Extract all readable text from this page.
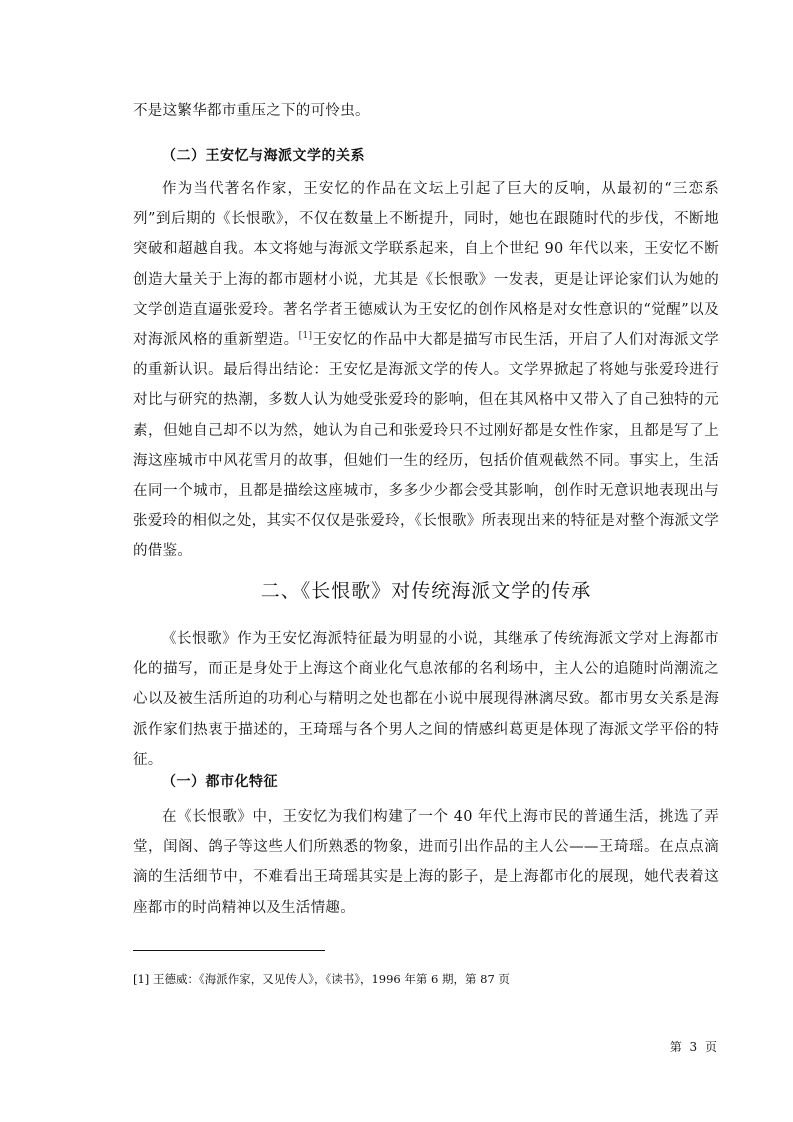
不是这繁华都市重压之下的可怜虫。
（二）王安忆与海派文学的关系
作为当代著名作家，王安忆的作品在文坛上引起了巨大的反响，从最初的“三恋系列”到后期的《长恨歌》，不仅在数量上不断提升，同时，她也在跟随时代的步伐，不断地突破和超越自我。本文将她与海派文学联系起来，自上个世纪 90 年代以来，王安忆不断创造大量关于上海的都市题材小说，尤其是《长恨歌》一发表，更是让评论家们认为她的文学创造直逼张爱玲。著名学者王德威认为王安忆的创作风格是对女性意识的“觉醒”以及对海派风格的重新塑造。[1]王安忆的作品中大都是描写市民生活，开启了人们对海派文学的重新认识。最后得出结论：王安忆是海派文学的传人。文学界掀起了将她与张爱玲进行对比与研究的热潮，多数人认为她受张爱玲的影响，但在其风格中又带入了自己独特的元素，但她自己却不以为然，她认为自己和张爱玲只不过刚好都是女性作家，且都是写了上海这座城市中风花雪月的故事，但她们一生的经历，包括价值观截然不同。事实上，生活在同一个城市，且都是描绘这座城市，多多少少都会受其影响，创作时无意识地表现出与张爱玲的相似之处，其实不仅仅是张爱玲，《长恨歌》所表现出来的特征是对整个海派文学的借鉴。
二、《长恨歌》对传统海派文学的传承
《长恨歌》作为王安忆海派特征最为明显的小说，其继承了传统海派文学对上海都市化的描写，而正是身处于上海这个商业化气息浓郁的名利场中，主人公的追随时尚潮流之心以及被生活所迫的功利心与精明之处也都在小说中展现得淋漓尽致。都市男女关系是海派作家们热衷于描述的，王琦瑶与各个男人之间的情感纠葛更是体现了海派文学平俗的特征。
（一）都市化特征
在《长恨歌》中，王安忆为我们构建了一个 40 年代上海市民的普通生活，挑选了弄堂，闺阁、鸽子等这些人们所熟悉的物象，进而引出作品的主人公——王琦瑶。在点点滴滴的生活细节中，不难看出王琦瑶其实是上海的影子，是上海都市化的展现，她代表着这座都市的时尚精神以及生活情趣。
[1] 王德威：《海派作家，又见传人》，《读书》，1996 年第 6 期，第 87 页
第 3 页
